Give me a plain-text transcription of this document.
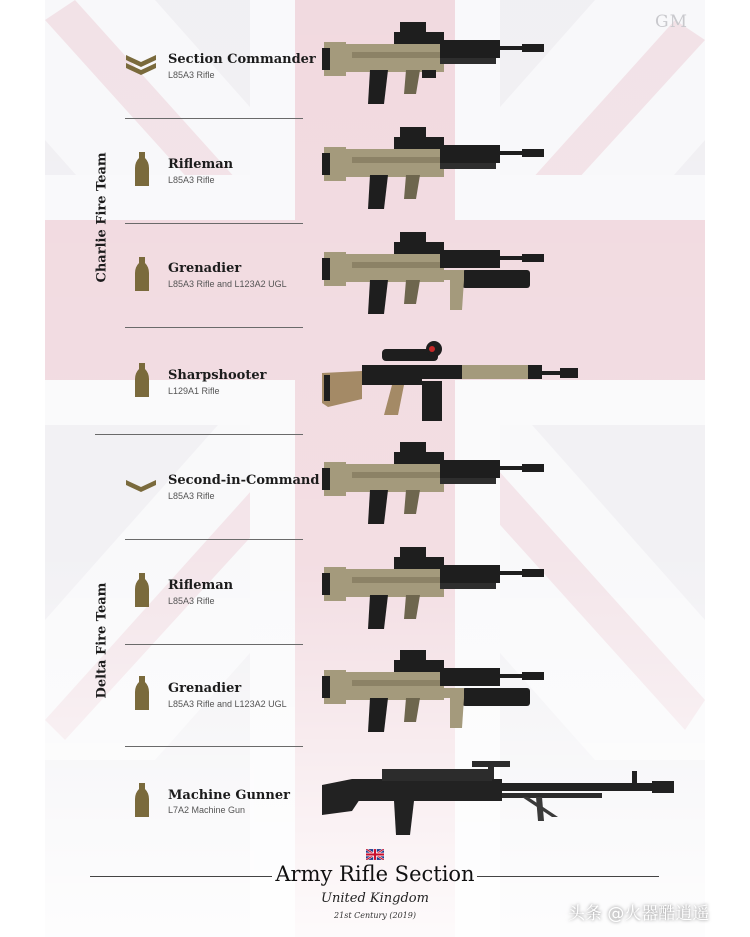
GM
Charlie Fire Team
Delta Fire Team
Section Commander
L85A3 Rifle
Rifleman
L85A3 Rifle
Grenadier
L85A3 Rifle and L123A2 UGL
Sharpshooter
L129A1 Rifle
Second-in-Command
L85A3 Rifle
Rifleman
L85A3 Rifle
Grenadier
L85A3 Rifle and L123A2 UGL
Machine Gunner
L7A2 Machine Gun
Army Rifle Section
United Kingdom
21st Century (2019)	头条 @火器酷逍遥
